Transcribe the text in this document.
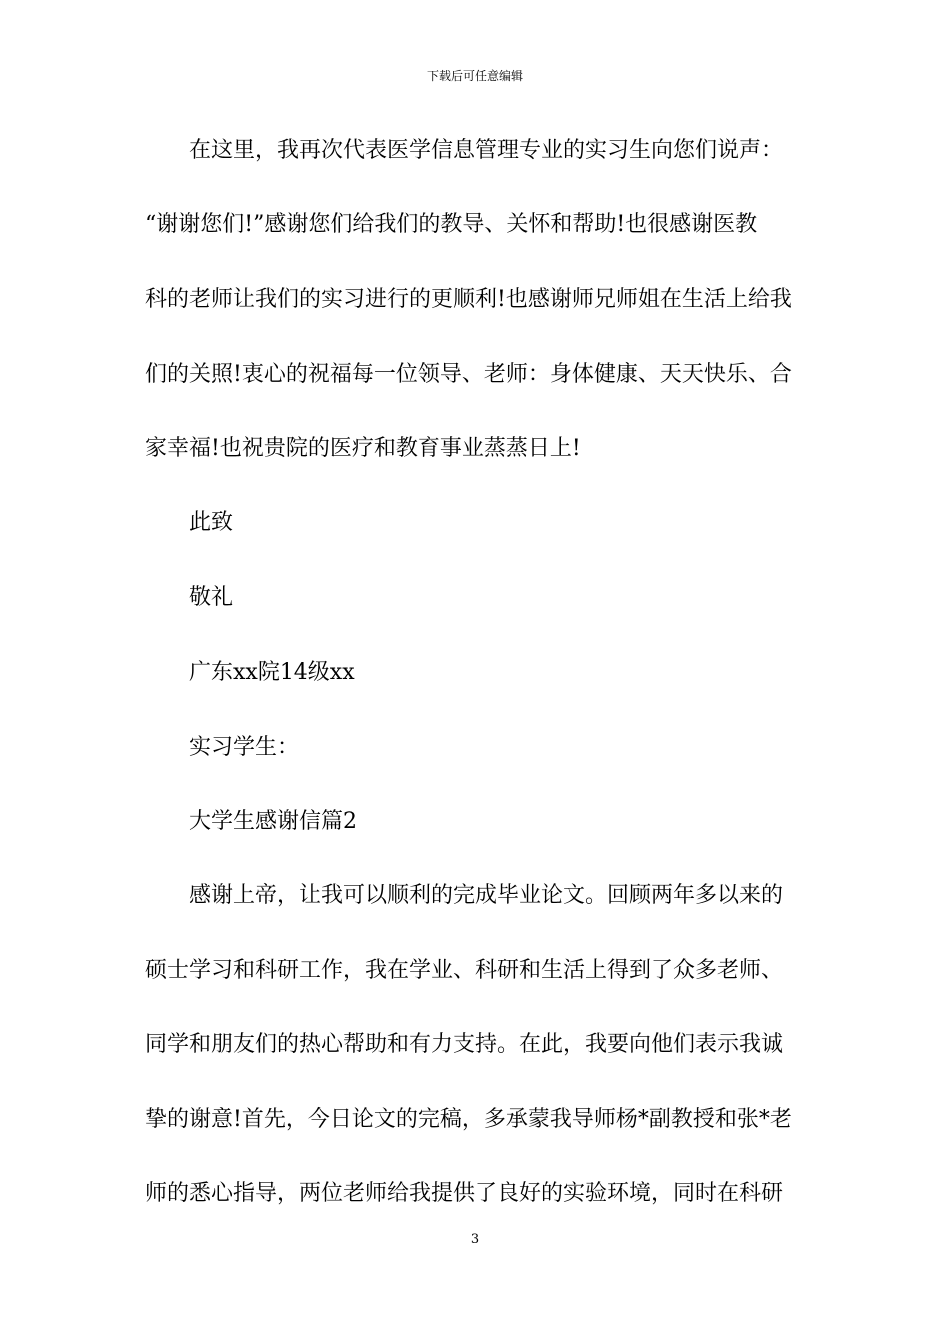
下载后可任意编辑
在这里，我再次代表医学信息管理专业的实习生向您们说声：
“谢谢您们!”感谢您们给我们的教导、关怀和帮助!也很感谢医教
科的老师让我们的实习进行的更顺利!也感谢师兄师姐在生活上给我
们的关照!衷心的祝福每一位领导、老师：身体健康、天天快乐、合
家幸福!也祝贵院的医疗和教育事业蒸蒸日上!
此致
敬礼
广东xx院14级xx
实习学生：
大学生感谢信篇2
感谢上帝，让我可以顺利的完成毕业论文。回顾两年多以来的
硕士学习和科研工作，我在学业、科研和生活上得到了众多老师、
同学和朋友们的热心帮助和有力支持。在此，我要向他们表示我诚
挚的谢意!首先，今日论文的完稿，多承蒙我导师杨*副教授和张*老
师的悉心指导，两位老师给我提供了良好的实验环境，同时在科研
3
